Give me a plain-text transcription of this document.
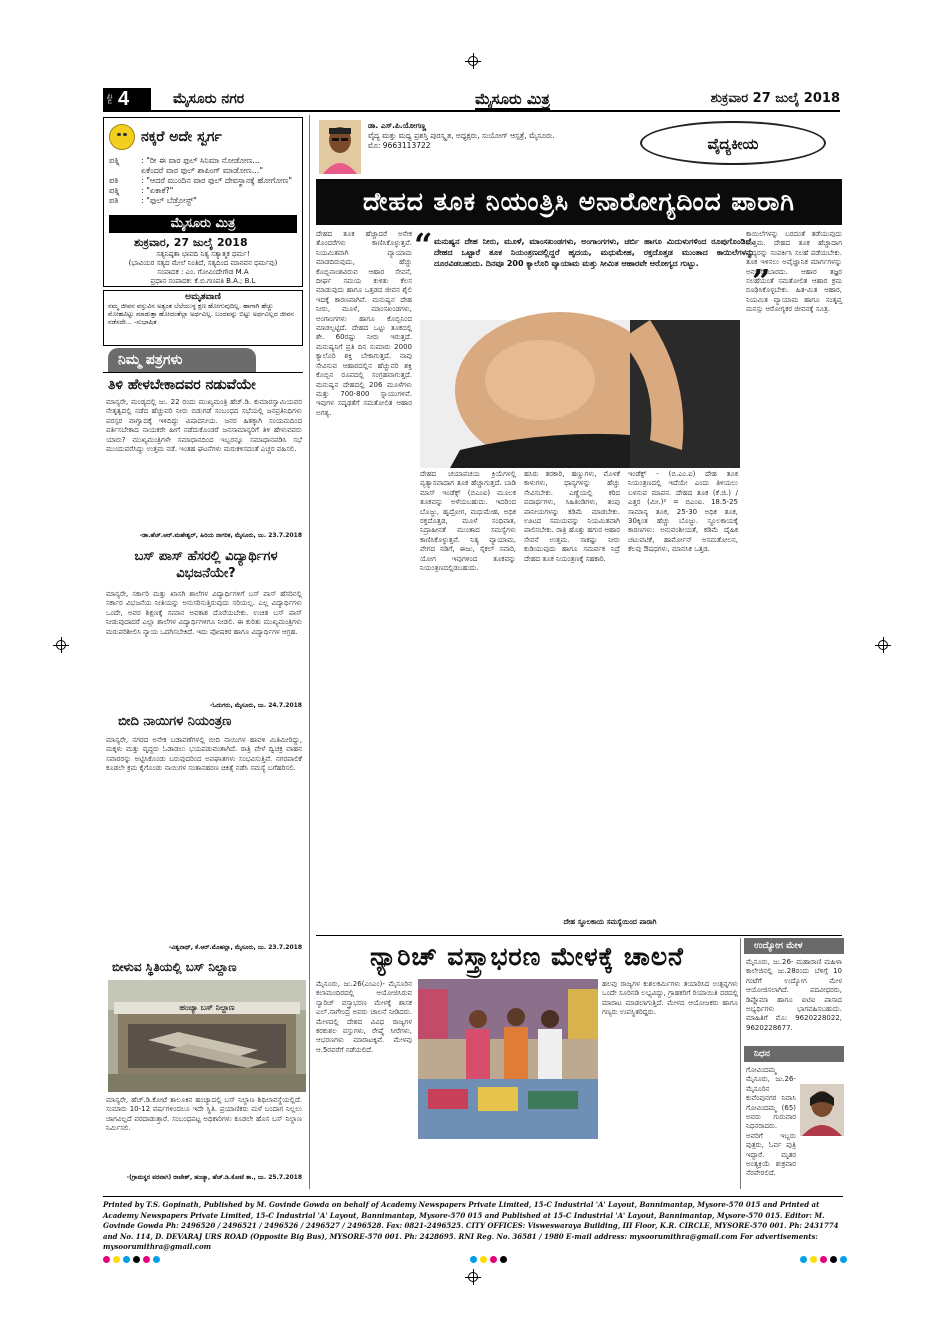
ಪುಟ 4	ಮೈಸೂರು ನಗರ	ಮೈಸೂರು ಮಿತ್ರ	ಶುಕ್ರವಾರ 27 ಜುಲೈ 2018
ನಕ್ಕರೆ ಅದೇ ಸ್ವರ್ಗ
ಪತ್ನಿ	: "ರೀ ಈ ವಾರ ಫುಲ್ ಸಿನಿಮಾ ನೋಡೋಣ...
ಏಕೆಂದರೆ ವಾರ ಫುಲ್ ಶಾಪಿಂಗ್ ಮಾಡೋಣ..."
ಪತಿ	: "ಆದರೆ ಮುಂದಿನ ವಾರ ಫುಲ್ ದೇವಸ್ಥಾನಕ್ಕೆ ಹೋಗೋಣ"
ಪತ್ನಿ	: "ಏಕಾಕೆ?"
ಪತಿ	: "ಫುಲ್ ಬೆಡ್ರೋಸ್ಟ್"
ಮೈಸೂರು ಮಿತ್ರ
ಶುಕ್ರವಾರ, 27 ಜುಲೈ 2018
ಸತ್ಯನಿಷ್ಠತಾ ಭಾವದಿ ನಿತ್ಯ ಸತ್ಯಾತ್ಮಕ ಧರ್ಮ!
(ಭಾವಿಯರ ಸತ್ಯದ ಮೇಲೆ ನಿಂತಿದೆ, ಸತ್ಯದಿಂದ ಮಾನವನ ಧರ್ಮವು)
ಸಂಪಾದಕ : ಎಂ. ಗೋವಿಂದೇಗೌಡ M.A
ಪ್ರಧಾನ ಸಂಪಾದಕ: ಕೆ.ಬಿ.ಗಣಪತಿ B.A.; B.L
ಅಮೃತವಾಣಿ
ನಮ್ಮ ಜೀವನ ವಸ್ತುವಿನ ಅತ್ಯಂತ ಬೆಲೆಯುಳ್ಳ ಕ್ಷಣ ಹೋಗುವುದಿಲ್ಲ. ಹಾಗಾಗಿ ಹೆಚ್ಚು ಮೋಹವಿಟ್ಟು ಮಾಡುತ್ತಾ ಹೋದಂತೆಲ್ಲಾ ಅರ್ಥವಿಲ್ಲ. ಬಂದವನ್ನು ಬಿಟ್ಟು ಅರ್ಥವಿಲ್ಲದ ಜೀವನ ನಡೆಸದೇ... -ಸುಭಾಷಿತ
ನಿಮ್ಮ ಪತ್ರಗಳು
ತಿಳಿ ಹೇಳಬೇಕಾದವರ ನಡುವೆಯೇ
ಮಾನ್ಯರೇ, ಮಂಡ್ಯದಲ್ಲಿ ಜು. 22 ರಂದು ಮುಖ್ಯಮಂತ್ರಿ ಹೆಚ್.ಡಿ. ಕುಮಾರಸ್ವಾಮಿಯವರ ನೇತೃತ್ವದಲ್ಲಿ ನಡೆದ ಹೆಚ್ಚುವರಿ ನೀರು ಬಿಡುಗಡೆ ಸಂಬಂಧದ ಸಭೆಯಲ್ಲಿ ಜನಪ್ರತಿನಿಧಿಗಳು ಪರಸ್ಪರ ವಾಗ್ವಾದಕ್ಕೆ ಇಳಿದಿದ್ದು ವಿಷಾದನೀಯ. ಜನರ ಹಿತಕ್ಕಾಗಿ ಸಂಯಮದಿಂದ ವರ್ತಿಸಬೇಕಾದ ನಾಯಕರೇ ಹೀಗೆ ನಡೆದುಕೊಂಡರೆ ಜನಸಾಮಾನ್ಯರಿಗೆ ತಿಳಿ ಹೇಳುವವರು ಯಾರು? ಮುಖ್ಯಮಂತ್ರಿಗಳೇ ಸಮಾಧಾನದಿಂದ ಇಬ್ಬರನ್ನೂ ಸಮಾಧಾನಪಡಿಸಿ ಸಭೆ ಮುಂದುವರೆಸಿದ್ದು ಉತ್ತಮ ನಡೆ. ಇಂತಹ ಘಟನೆಗಳು ಮರುಕಳಿಸದಂತೆ ಎಚ್ಚರ ವಹಿಸಲಿ.
-ಡಾ.ಹೆಚ್.ಆರ್.ಮಹೇಶ್ವರ್, ಹಿರಿಯ ನಾಗರಿಕ, ಮೈಸೂರು, ಜು. 23.7.2018
ಬಸ್ ಪಾಸ್ ಹೆಸರಲ್ಲಿ ವಿದ್ಯಾರ್ಥಿಗಳ ವಿಭಜನೆಯೇ?
ಮಾನ್ಯರೇ, ಸರ್ಕಾರಿ ಮತ್ತು ಖಾಸಗಿ ಶಾಲೆಗಳ ವಿದ್ಯಾರ್ಥಿಗಳಿಗೆ ಬಸ್ ಪಾಸ್ ಹೆಸರಿನಲ್ಲಿ ಸರ್ಕಾರ ವಿಭಜನೆಯ ನೀತಿಯನ್ನು ಅನುಸರಿಸುತ್ತಿರುವುದು ಸರಿಯಲ್ಲ. ಎಲ್ಲ ವಿದ್ಯಾರ್ಥಿಗಳು ಒಂದೇ, ಅವರ ಶಿಕ್ಷಣಕ್ಕೆ ಸಮಾನ ಅವಕಾಶ ದೊರೆಯಬೇಕು. ಉಚಿತ ಬಸ್ ಪಾಸ್ ನೀಡುವುದಾದರೆ ಎಲ್ಲಾ ಶಾಲೆಗಳ ವಿದ್ಯಾರ್ಥಿಗಳಿಗೂ ನೀಡಲಿ. ಈ ಕುರಿತು ಮುಖ್ಯಮಂತ್ರಿಗಳು ಮರುಪರಿಶೀಲಿಸಿ ನ್ಯಾಯ ಒದಗಿಸಬೇಕಿದೆ. ಇದು ಪೋಷಕರ ಹಾಗೂ ವಿದ್ಯಾರ್ಥಿಗಳ ಆಗ್ರಹ.
-ಓದುಗರು, ಮೈಸೂರು, ಜು. 24.7.2018
ಬೀದಿ ನಾಯಿಗಳ ನಿಯಂತ್ರಣ
ಮಾನ್ಯರೇ, ನಗರದ ಅನೇಕ ಬಡಾವಣೆಗಳಲ್ಲಿ ಬೀದಿ ನಾಯಿಗಳ ಹಾವಳಿ ಮಿತಿಮೀರಿದ್ದು, ಮಕ್ಕಳು ಮತ್ತು ವೃದ್ಧರು ಓಡಾಡಲು ಭಯಪಡುವಂತಾಗಿದೆ. ರಾತ್ರಿ ವೇಳೆ ದ್ವಿಚಕ್ರ ವಾಹನ ಸವಾರರನ್ನು ಅಟ್ಟಿಸಿಕೊಂಡು ಬರುವುದರಿಂದ ಅಪಘಾತಗಳು ಸಂಭವಿಸುತ್ತಿವೆ. ನಗರಪಾಲಿಕೆ ಕೂಡಲೇ ಕ್ರಮ ಕೈಗೊಂಡು ನಾಯಿಗಳ ಸಂತಾನಹರಣ ಚಿಕಿತ್ಸೆ ನಡೆಸಿ ಸಮಸ್ಯೆ ಬಗೆಹರಿಸಲಿ.
-ವಿಶ್ವನಾಥ್, ಕೆ.ಆರ್.ಮೊಹಲ್ಲಾ, ಮೈಸೂರು, ಜು. 23.7.2018
ಬೀಳುವ ಸ್ಥಿತಿಯಲ್ಲಿ ಬಸ್ ನಿಲ್ದಾಣ
ಹಂಚ್ಯಾ ಬಸ್ ನಿಲ್ದಾಣ
ಮಾನ್ಯರೇ, ಹೆಚ್.ಡಿ.ಕೋಟೆ ತಾಲೂಕಿನ ಹಂಚ್ಯಾದಲ್ಲಿ ಬಸ್ ನಿಲ್ದಾಣ ಶಿಥಿಲಾವಸ್ಥೆಯಲ್ಲಿದೆ. ಸುಮಾರು 10-12 ವರ್ಷಗಳಿಂದಲೂ ಇದೇ ಸ್ಥಿತಿ. ಪ್ರಯಾಣಿಕರು ಮಳೆ ಬಂದಾಗ ನಿಲ್ಲಲು ಜಾಗವಿಲ್ಲದೆ ಪರದಾಡುತ್ತಾರೆ. ಸಂಬಂಧಪಟ್ಟ ಅಧಿಕಾರಿಗಳು ಕೂಡಲೇ ಹೊಸ ಬಸ್ ನಿಲ್ದಾಣ ನಿರ್ಮಿಸಲಿ.
-(ಗ್ರಾಮಸ್ಥರ ಪರವಾಗಿ) ರಾಜೇಶ್, ಹಂಚ್ಯಾ, ಹೆಚ್.ಡಿ.ಕೋಟೆ ತಾ., ಜು. 25.7.2018
ಡಾ. ಎಸ್.ಪಿ.ಯೋಗಣ್ಣ
ವೈದ್ಯ ಮತ್ತು ಮಧ್ಯ ಪ್ರಶಸ್ತಿ ಪುರಸ್ಕೃತ, ಅಧ್ಯಕ್ಷರು, ಸುಯೋಗ್ ಆಸ್ಪತ್ರೆ, ಮೈಸೂರು.
ಮೊ: 9663113722	ವೈದ್ಯಕೀಯ
ದೇಹದ ತೂಕ ನಿಯಂತ್ರಿಸಿ ಅನಾರೋಗ್ಯದಿಂದ ಪಾರಾಗಿ
“ ಮನುಷ್ಯನ ದೇಹ ನೀರು, ಮೂಳೆ, ಮಾಂಸಖಂಡಗಳು, ಅಂಗಾಂಗಗಳು, ಚರ್ಬಿ ಹಾಗೂ ಮಿದುಳುಗಳಿಂದ ರೂಪುಗೊಂಡಿದೆ. ದೇಹದ ಒಟ್ಟಾರೆ ತೂಕ ನಿಯಂತ್ರಣದಲ್ಲಿದ್ದರೆ ಹೃದಯ, ಮಧುಮೇಹ, ರಕ್ತದೊತ್ತಡ ಮುಂತಾದ ಕಾಯಿಲೆಗಳನ್ನು ದೂರವಿಡಬಹುದು. ದಿನವೂ 200 ಕ್ಯಾಲೊರಿ ವ್ಯಾಯಾಮ ಮತ್ತು ಸೀಮಿತ ಆಹಾರವೇ ಆರೋಗ್ಯದ ಗುಟ್ಟು.	”
ದೇಹದ ತೂಕ ಹೆಚ್ಚಾದರೆ ಅನೇಕ ತೊಂದರೆಗಳು ಕಾಣಿಸಿಕೊಳ್ಳುತ್ತವೆ. ನಿಯಮಿತವಾಗಿ ವ್ಯಾಯಾಮ ಮಾಡದಿರುವುದು, ಹೆಚ್ಚು ಕೊಬ್ಬಿನಾಂಶವಿರುವ ಆಹಾರ ಸೇವನೆ, ದೀರ್ಘ ಸಮಯ ಕುಳಿತು ಕೆಲಸ ಮಾಡುವುದು ಹಾಗೂ ಒತ್ತಡದ ಜೀವನ ಶೈಲಿ ಇದಕ್ಕೆ ಕಾರಣವಾಗಿವೆ. ಮನುಷ್ಯನ ದೇಹ ನೀರು, ಮೂಳೆ, ಮಾಂಸಖಂಡಗಳು, ಅಂಗಾಂಗಗಳು ಹಾಗೂ ಕೊಬ್ಬಿನಿಂದ ಮಾಡಲ್ಪಟ್ಟಿದೆ. ದೇಹದ ಒಟ್ಟು ತೂಕದಲ್ಲಿ ಶೇ. 60ರಷ್ಟು ನೀರು ಇರುತ್ತದೆ. ಮನುಷ್ಯನಿಗೆ ಪ್ರತಿ ದಿನ ಸುಮಾರು 2000 ಕ್ಯಾಲೊರಿ ಶಕ್ತಿ ಬೇಕಾಗುತ್ತದೆ. ನಾವು ಸೇವಿಸುವ ಆಹಾರದಲ್ಲಿನ ಹೆಚ್ಚುವರಿ ಶಕ್ತಿ ಕೊಬ್ಬಿನ ರೂಪದಲ್ಲಿ ಸಂಗ್ರಹವಾಗುತ್ತದೆ. ಮನುಷ್ಯನ ದೇಹದಲ್ಲಿ 206 ಮೂಳೆಗಳು ಮತ್ತು 700-800 ಸ್ನಾಯುಗಳಿವೆ. ಇವುಗಳ ಸದೃಢತೆಗೆ ಸಮತೋಲಿತ ಆಹಾರ ಅಗತ್ಯ.
ದೇಹದ ಚಯಾಪಚಯ ಕ್ರಿಯೆಗಳಲ್ಲಿ ವ್ಯತ್ಯಾಸವಾದಾಗ ತೂಕ ಹೆಚ್ಚಾಗುತ್ತದೆ. ಬಾಡಿ ಮಾಸ್ ಇಂಡೆಕ್ಸ್ (ಬಿಎಂಐ) ಮೂಲಕ ತೂಕವನ್ನು ಅಳೆಯಬಹುದು. ಇದರಿಂದ ಬೊಜ್ಜು, ಹೃದ್ರೋಗ, ಮಧುಮೇಹ, ಅಧಿಕ ರಕ್ತದೊತ್ತಡ, ಮೂಳೆ ಸಂಧಿವಾತ, ನಿದ್ರಾಹೀನತೆ ಮುಂತಾದ ಸಮಸ್ಯೆಗಳು ಕಾಣಿಸಿಕೊಳ್ಳುತ್ತವೆ. ನಿತ್ಯ ವ್ಯಾಯಾಮ, ವೇಗದ ನಡಿಗೆ, ಈಜು, ಸೈಕಲ್ ಸವಾರಿ, ಯೋಗ ಇವುಗಳಿಂದ ತೂಕವನ್ನು ನಿಯಂತ್ರಣದಲ್ಲಿಡಬಹುದು.
ಹಸಿರು ತರಕಾರಿ, ಹಣ್ಣುಗಳು, ಮೊಳಕೆ ಕಾಳುಗಳು, ಧಾನ್ಯಗಳನ್ನು ಹೆಚ್ಚು ಸೇವಿಸಬೇಕು. ಎಣ್ಣೆಯಲ್ಲಿ ಕರಿದ ಪದಾರ್ಥಗಳು, ಸಿಹಿತಿಂಡಿಗಳು, ತಂಪು ಪಾನೀಯಗಳನ್ನು ಕಡಿಮೆ ಮಾಡಬೇಕು. ಊಟದ ಸಮಯವನ್ನು ನಿಯಮಿತವಾಗಿ ಪಾಲಿಸಬೇಕು. ರಾತ್ರಿ ಹೊತ್ತು ಹಗುರ ಆಹಾರ ಸೇವನೆ ಉತ್ತಮ. ಸಾಕಷ್ಟು ನೀರು ಕುಡಿಯುವುದು ಹಾಗೂ ಸಮರ್ಪಕ ನಿದ್ರೆ ದೇಹದ ತೂಕ ನಿಯಂತ್ರಣಕ್ಕೆ ಸಹಕಾರಿ.
ಇಂಡೆಕ್ಸ್ - (ಬಿ.ಎಂ.ಐ) ದೇಹ ತೂಕ ನಿಯಂತ್ರಣದಲ್ಲಿ ಇದೆಯೇ ಎಂದು ತಿಳಿಯಲು ಬಳಸುವ ಮಾಪನ. ದೇಹದ ತೂಕ (ಕೆ.ಜಿ.) / ಎತ್ತರ (ಮೀ.)² = ಬಿಎಂಐ. 18.5-25 ಸಾಮಾನ್ಯ ತೂಕ, 25-30 ಅಧಿಕ ತೂಕ, 30ಕ್ಕಿಂತ ಹೆಚ್ಚು ಬೊಜ್ಜು. ಸ್ಥೂಲಕಾಯಕ್ಕೆ ಕಾರಣಗಳು: ಅನುವಂಶೀಯತೆ, ಕಡಿಮೆ ದೈಹಿಕ ಚಟುವಟಿಕೆ, ಹಾರ್ಮೋನ್ ಅಸಮತೋಲನ, ಕೆಲವು ಔಷಧಗಳು, ಮಾನಸಿಕ ಒತ್ತಡ.
ಕಾಯಿಲೆಗಳನ್ನು ಬರದಂತೆ ತಡೆಯುವುದು ಉತ್ತಮ. ದೇಹದ ತೂಕ ಹೆಚ್ಚಾದಾಗ ವೈದ್ಯರನ್ನು ಸಂಪರ್ಕಿಸಿ ಸಲಹೆ ಪಡೆಯಬೇಕು. ತೂಕ ಇಳಿಸಲು ಅವೈಜ್ಞಾನಿಕ ಮಾರ್ಗಗಳನ್ನು ಅನುಸರಿಸಬಾರದು. ಆಹಾರ ತಜ್ಞರ ಸಲಹೆಯಂತೆ ಸಮತೋಲಿತ ಆಹಾರ ಕ್ರಮ ರೂಢಿಸಿಕೊಳ್ಳಬೇಕು. ಹಿತ-ಮಿತ ಆಹಾರ, ನಿಯಮಿತ ವ್ಯಾಯಾಮ ಹಾಗೂ ಸಂತೃಪ್ತ ಮನಸ್ಸು ಆರೋಗ್ಯಕರ ಜೀವನಕ್ಕೆ ಸೂತ್ರ.
ದೇಹ ಸ್ಥೂಲಕಾಯ ಸಮಸ್ಯೆಯಿಂದ ಪಾರಾಗಿ
ನ್ಯಾರಿಚ್ ವಸ್ತ್ರಾಭರಣ ಮೇಳಕ್ಕೆ ಚಾಲನೆ
ಮೈಸೂರು, ಜು.26(ಎಂಎಂ)- ಮೈಸೂರಿನ ಕಲಾಮಂದಿರದಲ್ಲಿ ಆಯೋಜಿಸಿರುವ ನ್ಯಾರಿಚ್ ವಸ್ತ್ರಾಭರಣ ಮೇಳಕ್ಕೆ ಶಾಸಕ ಎಲ್.ನಾಗೇಂದ್ರ ಅವರು ಚಾಲನೆ ನೀಡಿದರು. ಮೇಳದಲ್ಲಿ ದೇಶದ ವಿವಿಧ ರಾಜ್ಯಗಳ ಕರಕುಶಲ ವಸ್ತುಗಳು, ರೇಷ್ಮೆ ಸೀರೆಗಳು, ಆಭರಣಗಳು ಮಾರಾಟಕ್ಕಿವೆ. ಮೇಳವು ಆ.5ರವರೆಗೆ ನಡೆಯಲಿದೆ.
ಹಲವು ರಾಜ್ಯಗಳ ಕುಶಲಕರ್ಮಿಗಳು ತಯಾರಿಸಿದ ಉತ್ಪನ್ನಗಳು ಒಂದೇ ಸೂರಿನಡಿ ಲಭ್ಯವಿದ್ದು, ಗ್ರಾಹಕರಿಗೆ ರಿಯಾಯಿತಿ ದರದಲ್ಲಿ ಮಾರಾಟ ಮಾಡಲಾಗುತ್ತಿದೆ. ಮೇಳದ ಆಯೋಜಕರು ಹಾಗೂ ಗಣ್ಯರು ಉಪಸ್ಥಿತರಿದ್ದರು.
ಉದ್ಯೋಗ ಮೇಳ
ಮೈಸೂರು, ಜು.26- ಮಹಾರಾಣಿ ಮಹಿಳಾ ಕಾಲೇಜಿನಲ್ಲಿ ಜು.28ರಂದು ಬೆಳಿಗ್ಗೆ 10 ಗಂಟೆಗೆ ಉದ್ಯೋಗ ಮೇಳ ಆಯೋಜಿಸಲಾಗಿದೆ. ಪದವೀಧರರು, ಡಿಪ್ಲೊಮಾ ಹಾಗೂ ಐಟಿಐ ಪಾಸಾದ ಅಭ್ಯರ್ಥಿಗಳು ಭಾಗವಹಿಸಬಹುದು. ಮಾಹಿತಿಗೆ ಮೊ: 9620228022, 9620228677.
ನಿಧನ
ಗೋವಿಂದಮ್ಮ ಮೈಸೂರು, ಜು.26- ಮೈಸೂರಿನ ಕುವೆಂಪುನಗರ ನಿವಾಸಿ ಗೋವಿಂದಮ್ಮ (65) ಅವರು ಗುರುವಾರ ನಿಧನರಾದರು. ಅವರಿಗೆ ಇಬ್ಬರು ಪುತ್ರರು, ಓರ್ವ ಪುತ್ರಿ ಇದ್ದಾರೆ. ಮೃತರ ಅಂತ್ಯಕ್ರಿಯೆ ಶುಕ್ರವಾರ ನೆರವೇರಲಿದೆ.
Printed by T.S. Gopinath, Published by M. Govinde Gowda on behalf of Academy Newspapers Private Limited, 15-C Industrial 'A' Layout, Bannimantap, Mysore-570 015 and Printed at Academy Newspapers Private Limited, 15-C Industrial 'A' Layout, Bannimantap, Mysore-570 015 and Published at 15-C Industrial 'A' Layout, Bannimantap, Mysore-570 015. Editor: M. Govinde Gowda Ph: 2496520 / 2496521 / 2496526 / 2496527 / 2496528. Fax: 0821-2496525. CITY OFFICES: Visweswaraya Building, III Floor, K.R. CIRCLE, MYSORE-570 001. Ph: 2431774 and No. 114, D. DEVARAJ URS ROAD (Opposite Big Bus), MYSORE-570 001. Ph: 2428695. RNI Reg. No. 36581 / 1980 E-mail address: mysoorumithra@gmail.com For advertisements: mysoorumithra@gmail.com
